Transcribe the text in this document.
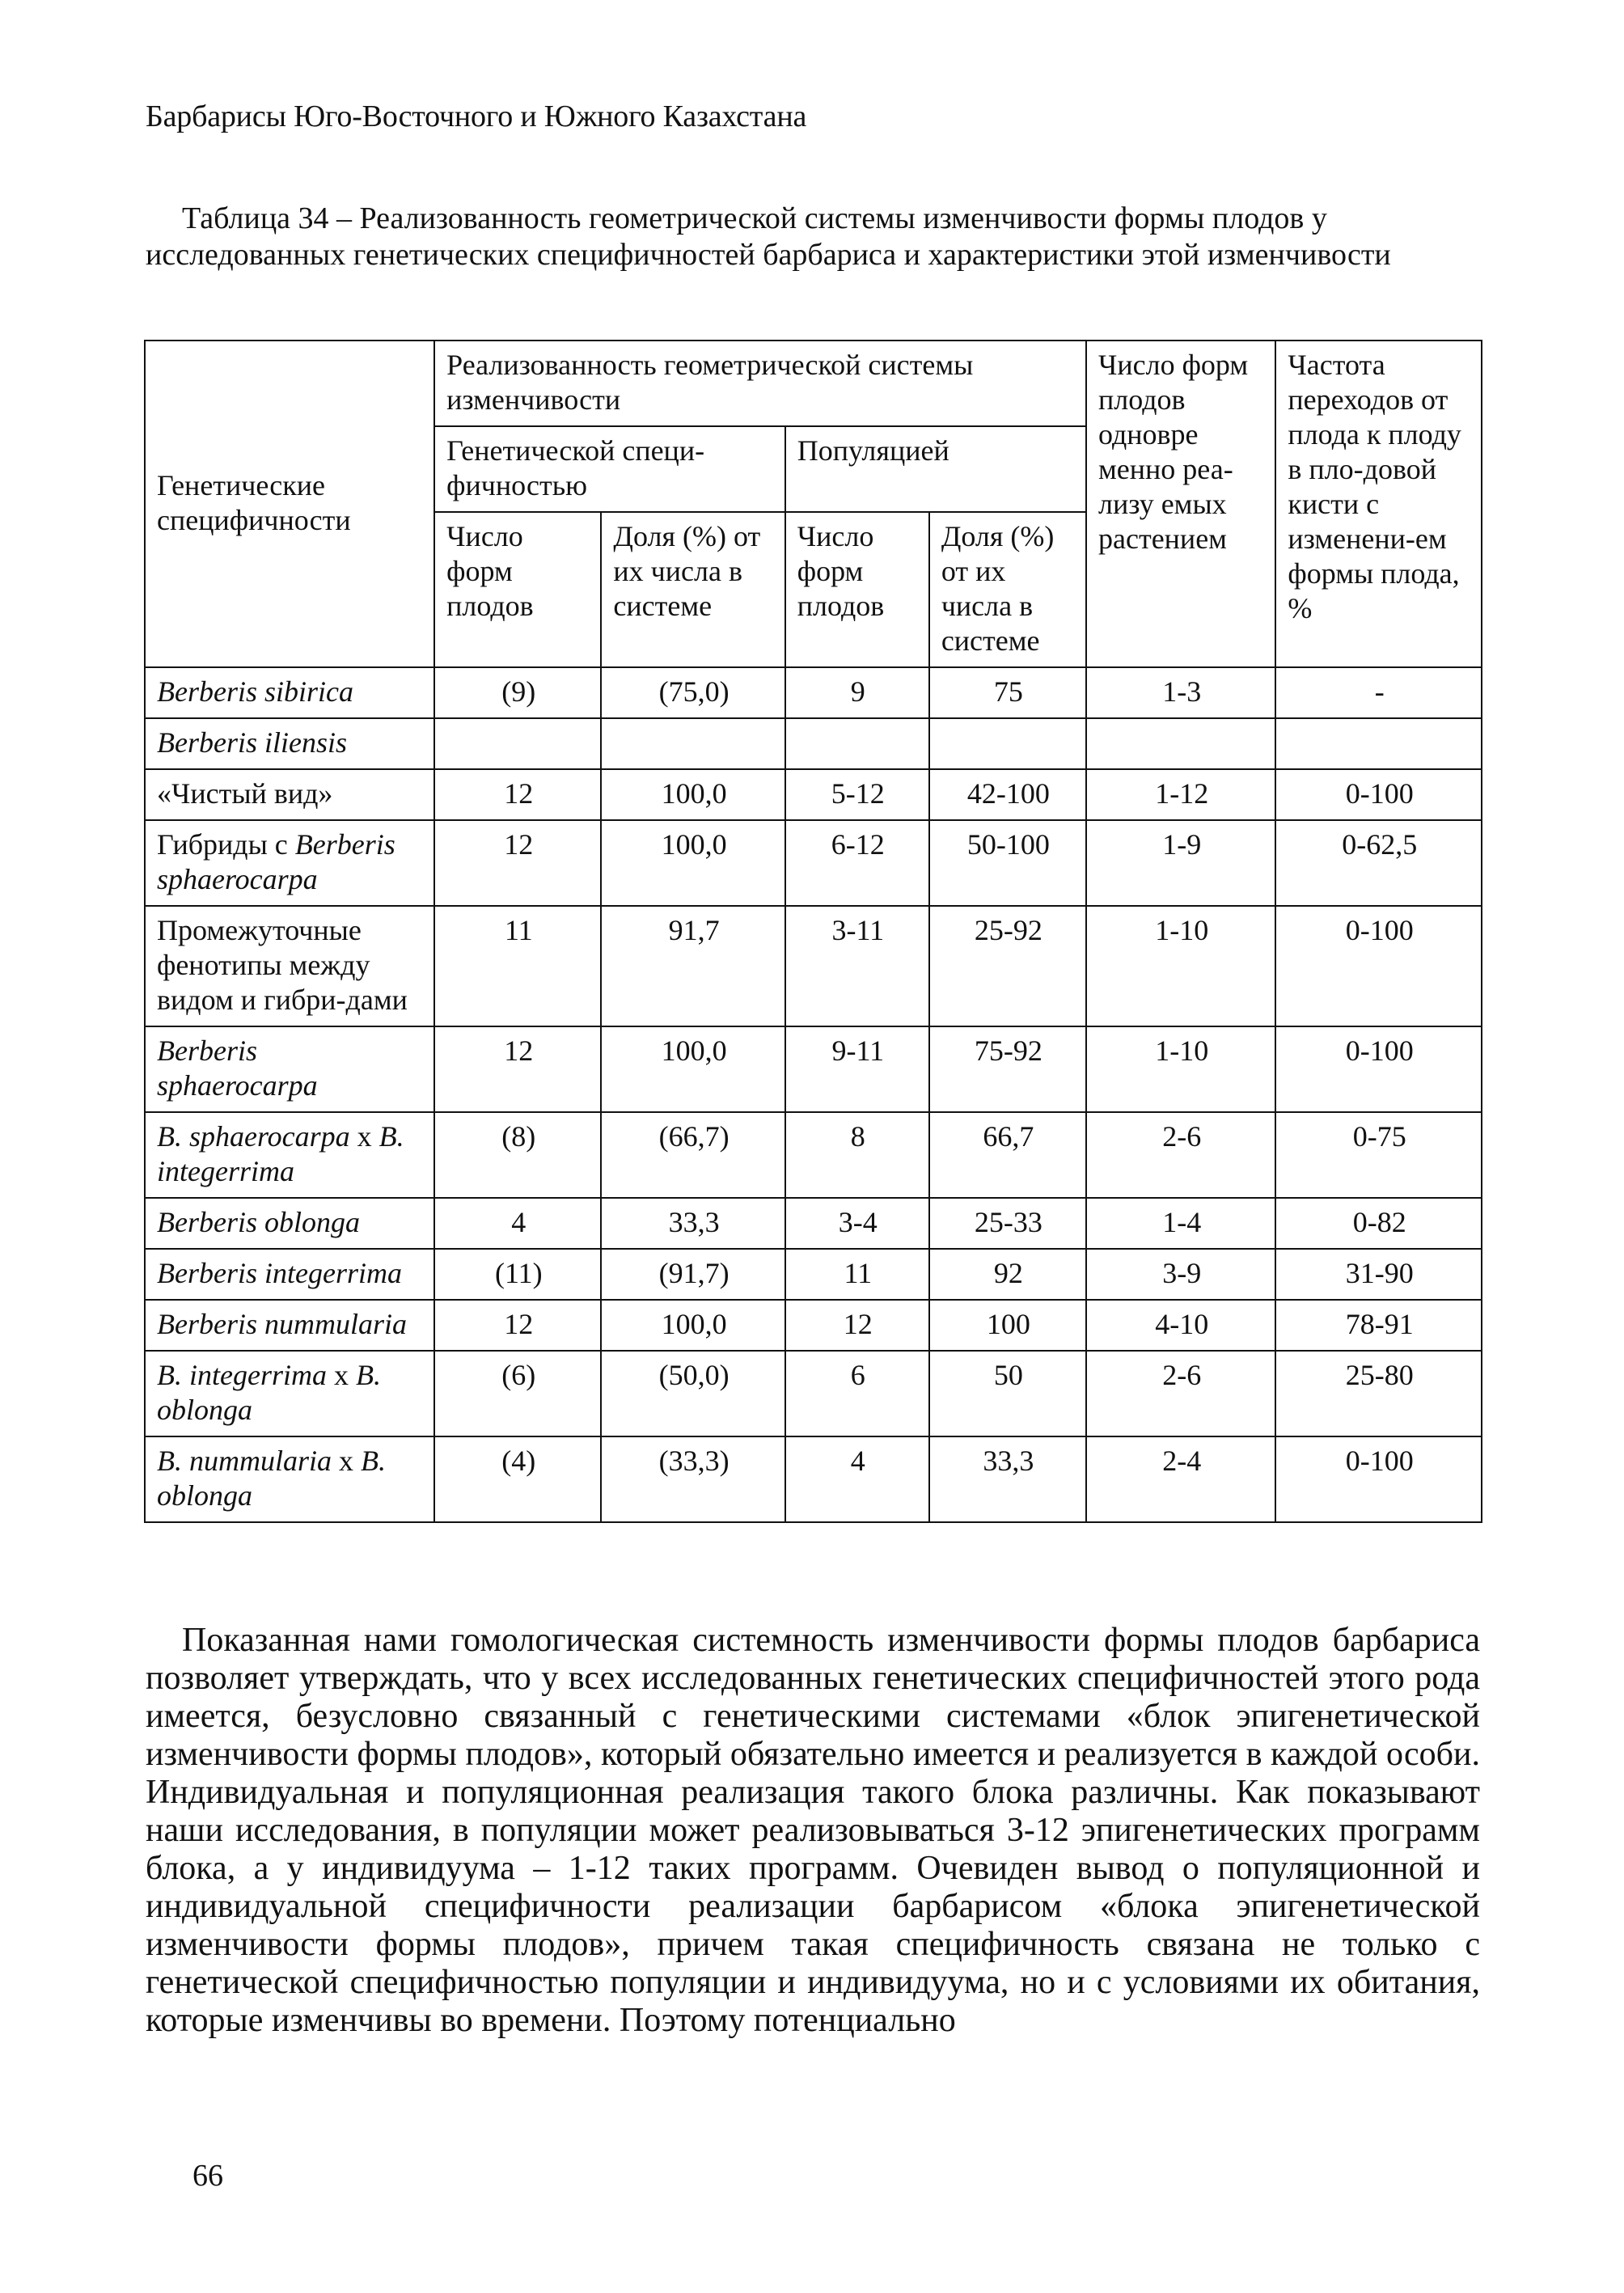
Барбарисы Юго-Восточного и Южного Казахстана
Таблица 34 – Реализованность геометрической системы изменчивости формы плодов у исследованных генетических специфичностей барбариса и характеристики этой изменчивости
Генетические специфичности	Реализованность геометрической системы изменчивости				Число форм плодов одновре менно реа-лизу емых растением	Частота переходов от плода к плоду в пло-довой кисти с изменени-ем формы плода, %
	Генетической специ-фичностью		Популяцией			
	Число форм плодов	Доля (%) от их числа в системе	Число форм плодов	Доля (%) от их числа в системе		
Berberis sibirica	(9)	(75,0)	9	75	1-3	-
Berberis iliensis						
«Чистый вид»	12	100,0	5-12	42-100	1-12	0-100
Гибриды с Berberis sphaerocarpa	12	100,0	6-12	50-100	1-9	0-62,5
Промежуточные фенотипы между видом и гибри-дами	11	91,7	3-11	25-92	1-10	0-100
Berberis sphaerocarpa	12	100,0	9-11	75-92	1-10	0-100
B. sphaerocarpa x B. integerrima	(8)	(66,7)	8	66,7	2-6	0-75
Berberis oblonga	4	33,3	3-4	25-33	1-4	0-82
Berberis integerrima	(11)	(91,7)	11	92	3-9	31-90
Berberis nummularia	12	100,0	12	100	4-10	78-91
B. integerrima x B. oblonga	(6)	(50,0)	6	50	2-6	25-80
B. nummularia x B. oblonga	(4)	(33,3)	4	33,3	2-4	0-100

Показанная нами гомологическая системность изменчивости формы плодов барбариса позволяет утверждать, что у всех исследованных генетических специфичностей этого рода имеется, безусловно связанный с генетическими системами «блок эпигенетической изменчивости формы плодов», который обязательно имеется и реализуется в каждой особи. Индивидуальная и популяционная реализация такого блока различны. Как показывают наши исследования, в популяции может реализовываться 3-12 эпигенетических программ блока, а у индивидуума – 1-12 таких программ. Очевиден вывод о популяционной и индивидуальной специфичности реализации барбарисом «блока эпигенетической изменчивости формы плодов», причем такая специфичность связана не только с генетической специфичностью популяции и индивидуума, но и с условиями их обитания, которые изменчивы во времени. Поэтому потенциально

66
